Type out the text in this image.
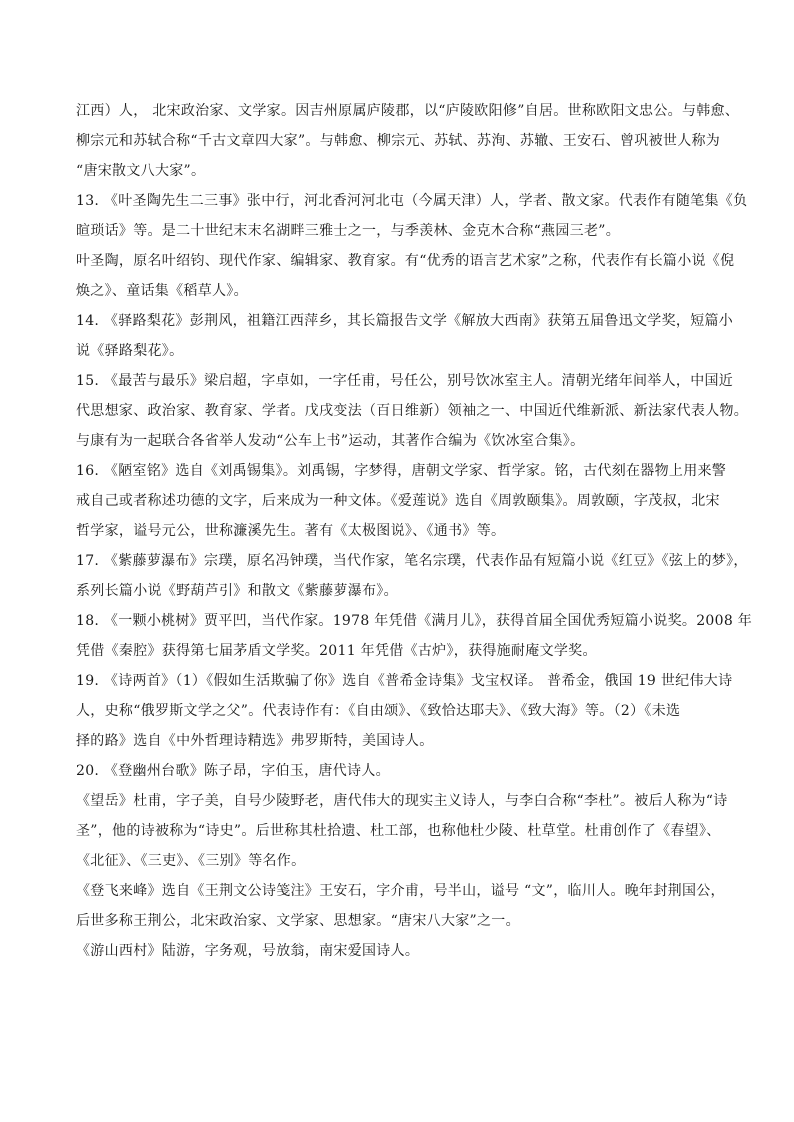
江西）人， 北宋政治家、文学家。因吉州原属庐陵郡，以“庐陵欧阳修”自居。世称欧阳文忠公。与韩愈、
柳宗元和苏轼合称“千古文章四大家”。与韩愈、柳宗元、苏轼、苏洵、苏辙、王安石、曾巩被世人称为
“唐宋散文八大家”。

13. 《叶圣陶先生二三事》张中行，河北香河河北屯（今属天津）人，学者、散文家。代表作有随笔集《负
暄琐话》等。是二十世纪末末名湖畔三雅士之一，与季羡林、金克木合称“燕园三老”。

叶圣陶，原名叶绍钧、现代作家、编辑家、教育家。有“优秀的语言艺术家”之称，代表作有长篇小说《倪
焕之》、童话集《稻草人》。

14. 《驿路梨花》彭荆风，祖籍江西萍乡，其长篇报告文学《解放大西南》获第五届鲁迅文学奖，短篇小
说《驿路梨花》。

15. 《最苦与最乐》梁启超，字卓如，一字任甫，号任公，别号饮冰室主人。清朝光绪年间举人，中国近
代思想家、政治家、教育家、学者。戊戌变法（百日维新）领袖之一、中国近代维新派、新法家代表人物。
与康有为一起联合各省举人发动“公车上书”运动，其著作合编为《饮冰室合集》。

16. 《陋室铭》选自《刘禹锡集》。刘禹锡，字梦得，唐朝文学家、哲学家。铭，古代刻在器物上用来警
戒自己或者称述功德的文字，后来成为一种文体。《爱莲说》选自《周敦颐集》。周敦颐，字茂叔，北宋
哲学家，谥号元公，世称濂溪先生。著有《太极图说》、《通书》等。

17. 《紫藤萝瀑布》宗璞，原名冯钟璞，当代作家，笔名宗璞，代表作品有短篇小说《红豆》《弦上的梦》，
系列长篇小说《野葫芦引》和散文《紫藤萝瀑布》。

18. 《一颗小桃树》贾平凹，当代作家。1978 年凭借《满月儿》，获得首届全国优秀短篇小说奖。2008 年
凭借《秦腔》获得第七届茅盾文学奖。2011 年凭借《古炉》，获得施耐庵文学奖。

19. 《诗两首》（1）《假如生活欺骗了你》选自《普希金诗集》戈宝权译。 普希金，俄国 19 世纪伟大诗
人，史称“俄罗斯文学之父”。代表诗作有：《自由颂》、《致恰达耶夫》、《致大海》等。（2）《未选
择的路》选自《中外哲理诗精选》弗罗斯特，美国诗人。

20. 《登幽州台歌》陈子昂，字伯玉，唐代诗人。

《望岳》杜甫，字子美，自号少陵野老，唐代伟大的现实主义诗人，与李白合称“李杜”。被后人称为“诗
圣”，他的诗被称为“诗史”。后世称其杜拾遗、杜工部，也称他杜少陵、杜草堂。杜甫创作了《春望》、
《北征》、《三吏》、《三别》等名作。

《登飞来峰》选自《王荆文公诗笺注》王安石，字介甫，号半山，谥号 “文”，临川人。晚年封荆国公，
后世多称王荆公，北宋政治家、文学家、思想家。“唐宋八大家”之一。

《游山西村》陆游，字务观，号放翁，南宋爱国诗人。
